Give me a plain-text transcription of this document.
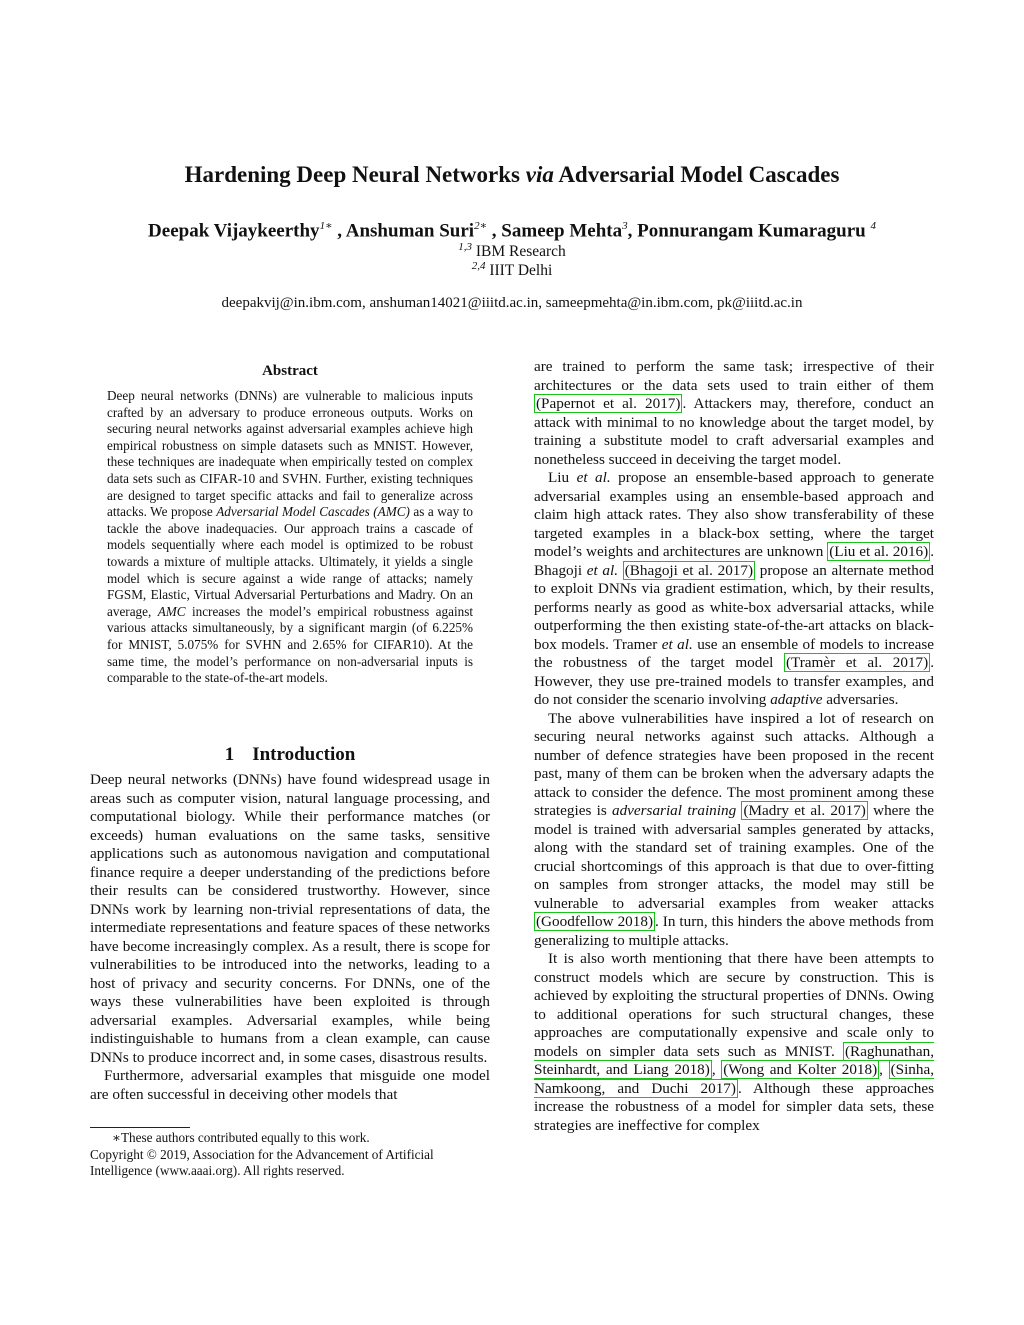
Hardening Deep Neural Networks via Adversarial Model Cascades
Deepak Vijaykeerthy$^{1∗}$ , Anshuman Suri$^{2∗}$ , Sameep Mehta$^3$, Ponnurangam Kumaraguru $^4$
$^{1,3}$ IBM Research
$^{2,4}$ IIIT Delhi
deepakvij@in.ibm.com, anshuman14021@iiitd.ac.in, sameepmehta@in.ibm.com, pk@iiitd.ac.in
Abstract
Deep neural networks (DNNs) are vulnerable to malicious inputs crafted by an adversary to produce erroneous outputs. Works on securing neural networks against adversarial examples achieve high empirical robustness on simple datasets such as MNIST. However, these techniques are inadequate when empirically tested on complex data sets such as CIFAR-10 and SVHN. Further, existing techniques are designed to target specific attacks and fail to generalize across attacks. We propose Adversarial Model Cascades (AMC) as a way to tackle the above inadequacies. Our approach trains a cascade of models sequentially where each model is optimized to be robust towards a mixture of multiple attacks. Ultimately, it yields a single model which is secure against a wide range of attacks; namely FGSM, Elastic, Virtual Adversarial Perturbations and Madry. On an average, AMC increases the model’s empirical robustness against various attacks simultaneously, by a significant margin (of 6.225% for MNIST, 5.075% for SVHN and 2.65% for CIFAR10). At the same time, the model’s performance on non-adversarial inputs is comparable to the state-of-the-art models.
1 Introduction

Deep neural networks (DNNs) have found widespread usage in areas such as computer vision, natural language processing, and computational biology. While their performance matches (or exceeds) human evaluations on the same tasks, sensitive applications such as autonomous navigation and computational finance require a deeper understanding of the predictions before their results can be considered trustworthy. However, since DNNs work by learning non-trivial representations of data, the intermediate representations and feature spaces of these networks have become increasingly complex. As a result, there is scope for vulnerabilities to be introduced into the networks, leading to a host of privacy and security concerns. For DNNs, one of the ways these vulnerabilities have been exploited is through adversarial examples. Adversarial examples, while being indistinguishable to humans from a clean example, can cause DNNs to produce incorrect and, in some cases, disastrous results.

Furthermore, adversarial examples that misguide one model are often successful in deceiving other models that

∗These authors contributed equally to this work.
Copyright © 2019, Association for the Advancement of Artificial Intelligence (www.aaai.org). All rights reserved.

are trained to perform the same task; irrespective of their architectures or the data sets used to train either of them (Papernot et al. 2017) . Attackers may, therefore, conduct an attack with minimal to no knowledge about the target model, by training a substitute model to craft adversarial examples and nonetheless succeed in deceiving the target model.

Liu et al. propose an ensemble-based approach to generate adversarial examples using an ensemble-based approach and claim high attack rates. They also show transferability of these targeted examples in a black-box setting, where the target model’s weights and architectures are unknown (Liu et al. 2016) . Bhagoji et al. (Bhagoji et al. 2017) propose an alternate method to exploit DNNs via gradient estimation, which, by their results, performs nearly as good as white-box adversarial attacks, while outperforming the then existing state-of-the-art attacks on black-box models. Tramer et al. use an ensemble of models to increase the robustness of the target model (Tramèr et al. 2017) . However, they use pre-trained models to transfer examples, and do not consider the scenario involving adaptive adversaries.

The above vulnerabilities have inspired a lot of research on securing neural networks against such attacks. Although a number of defence strategies have been proposed in the recent past, many of them can be broken when the adversary adapts the attack to consider the defence. The most prominent among these strategies is adversarial training (Madry et al. 2017) where the model is trained with adversarial samples generated by attacks, along with the standard set of training examples. One of the crucial shortcomings of this approach is that due to over-fitting on samples from stronger attacks, the model may still be vulnerable to adversarial examples from weaker attacks (Goodfellow 2018) . In turn, this hinders the above methods from generalizing to multiple attacks.

It is also worth mentioning that there have been attempts to construct models which are secure by construction. This is achieved by exploiting the structural properties of DNNs. Owing to additional operations for such structural changes, these approaches are computationally expensive and scale only to models on simpler data sets such as MNIST. (Raghunathan, Steinhardt, and Liang 2018) , (Wong and Kolter 2018) , (Sinha, Namkoong, and Duchi 2017) . Although these approaches increase the robustness of a model for simpler data sets, these strategies are ineffective for complex
